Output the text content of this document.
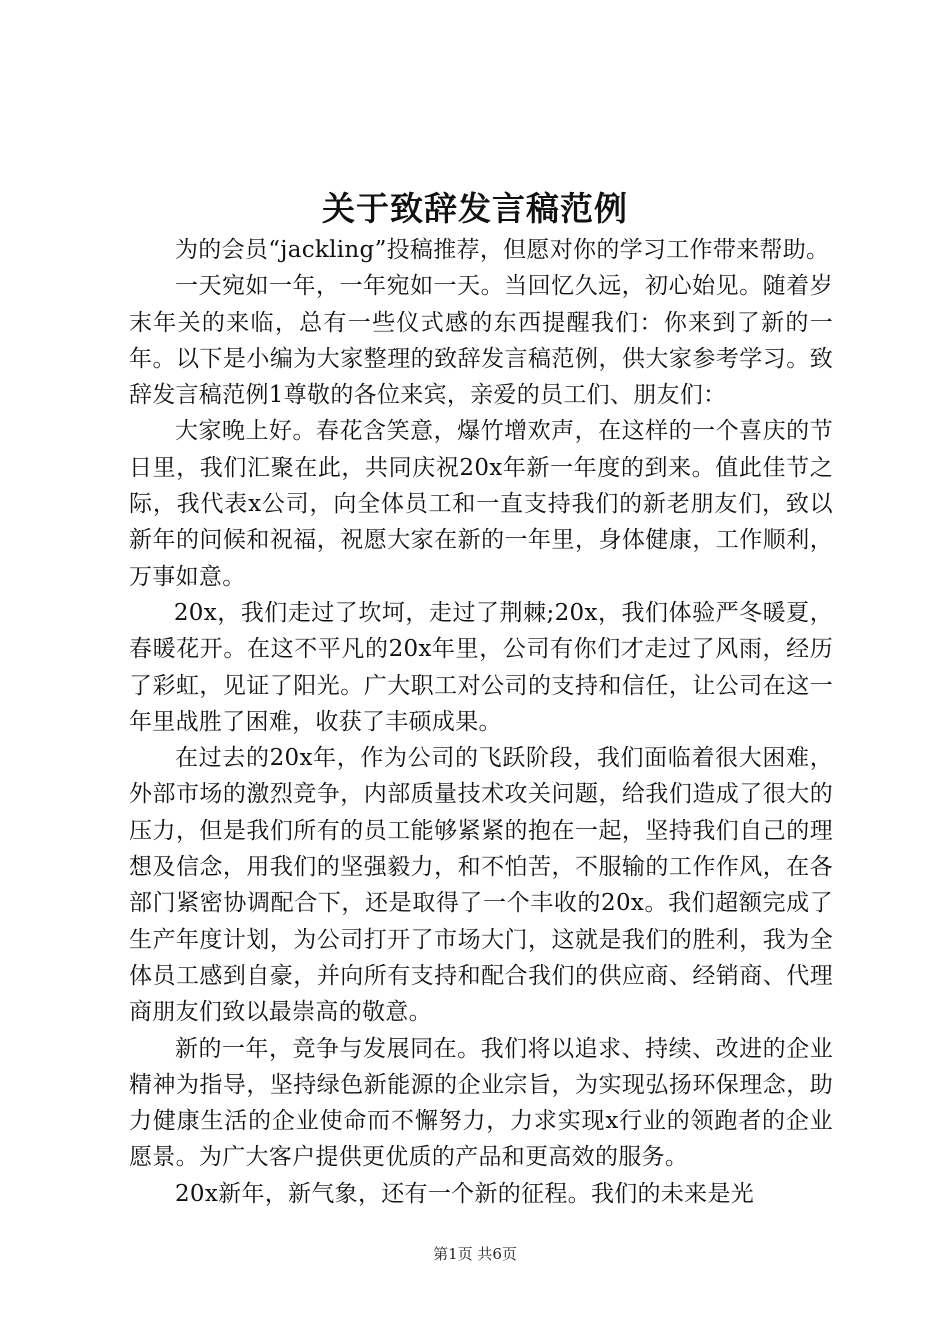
关于致辞发言稿范例

为的会员“jackling”投稿推荐，但愿对你的学习工作带来帮助。

一天宛如一年，一年宛如一天。当回忆久远，初心始见。随着岁末年关的来临，总有一些仪式感的东西提醒我们：你来到了新的一年。以下是小编为大家整理的致辞发言稿范例，供大家参考学习。致辞发言稿范例1尊敬的各位来宾，亲爱的员工们、朋友们：

大家晚上好。春花含笑意，爆竹增欢声，在这样的一个喜庆的节日里，我们汇聚在此，共同庆祝20x年新一年度的到来。值此佳节之际，我代表x公司，向全体员工和一直支持我们的新老朋友们，致以新年的问候和祝福，祝愿大家在新的一年里，身体健康，工作顺利，万事如意。

20x，我们走过了坎坷，走过了荆棘;20x，我们体验严冬暖夏，春暖花开。在这不平凡的20x年里，公司有你们才走过了风雨，经历了彩虹，见证了阳光。广大职工对公司的支持和信任，让公司在这一年里战胜了困难，收获了丰硕成果。

在过去的20x年，作为公司的飞跃阶段，我们面临着很大困难，外部市场的激烈竞争，内部质量技术攻关问题，给我们造成了很大的压力，但是我们所有的员工能够紧紧的抱在一起，坚持我们自己的理想及信念，用我们的坚强毅力，和不怕苦，不服输的工作作风，在各部门紧密协调配合下，还是取得了一个丰收的20x。我们超额完成了生产年度计划，为公司打开了市场大门，这就是我们的胜利，我为全体员工感到自豪，并向所有支持和配合我们的供应商、经销商、代理商朋友们致以最崇高的敬意。

新的一年，竞争与发展同在。我们将以追求、持续、改进的企业精神为指导，坚持绿色新能源的企业宗旨，为实现弘扬环保理念，助力健康生活的企业使命而不懈努力，力求实现x行业的领跑者的企业愿景。为广大客户提供更优质的产品和更高效的服务。

20x新年，新气象，还有一个新的征程。我们的未来是光

第1页 共6页
